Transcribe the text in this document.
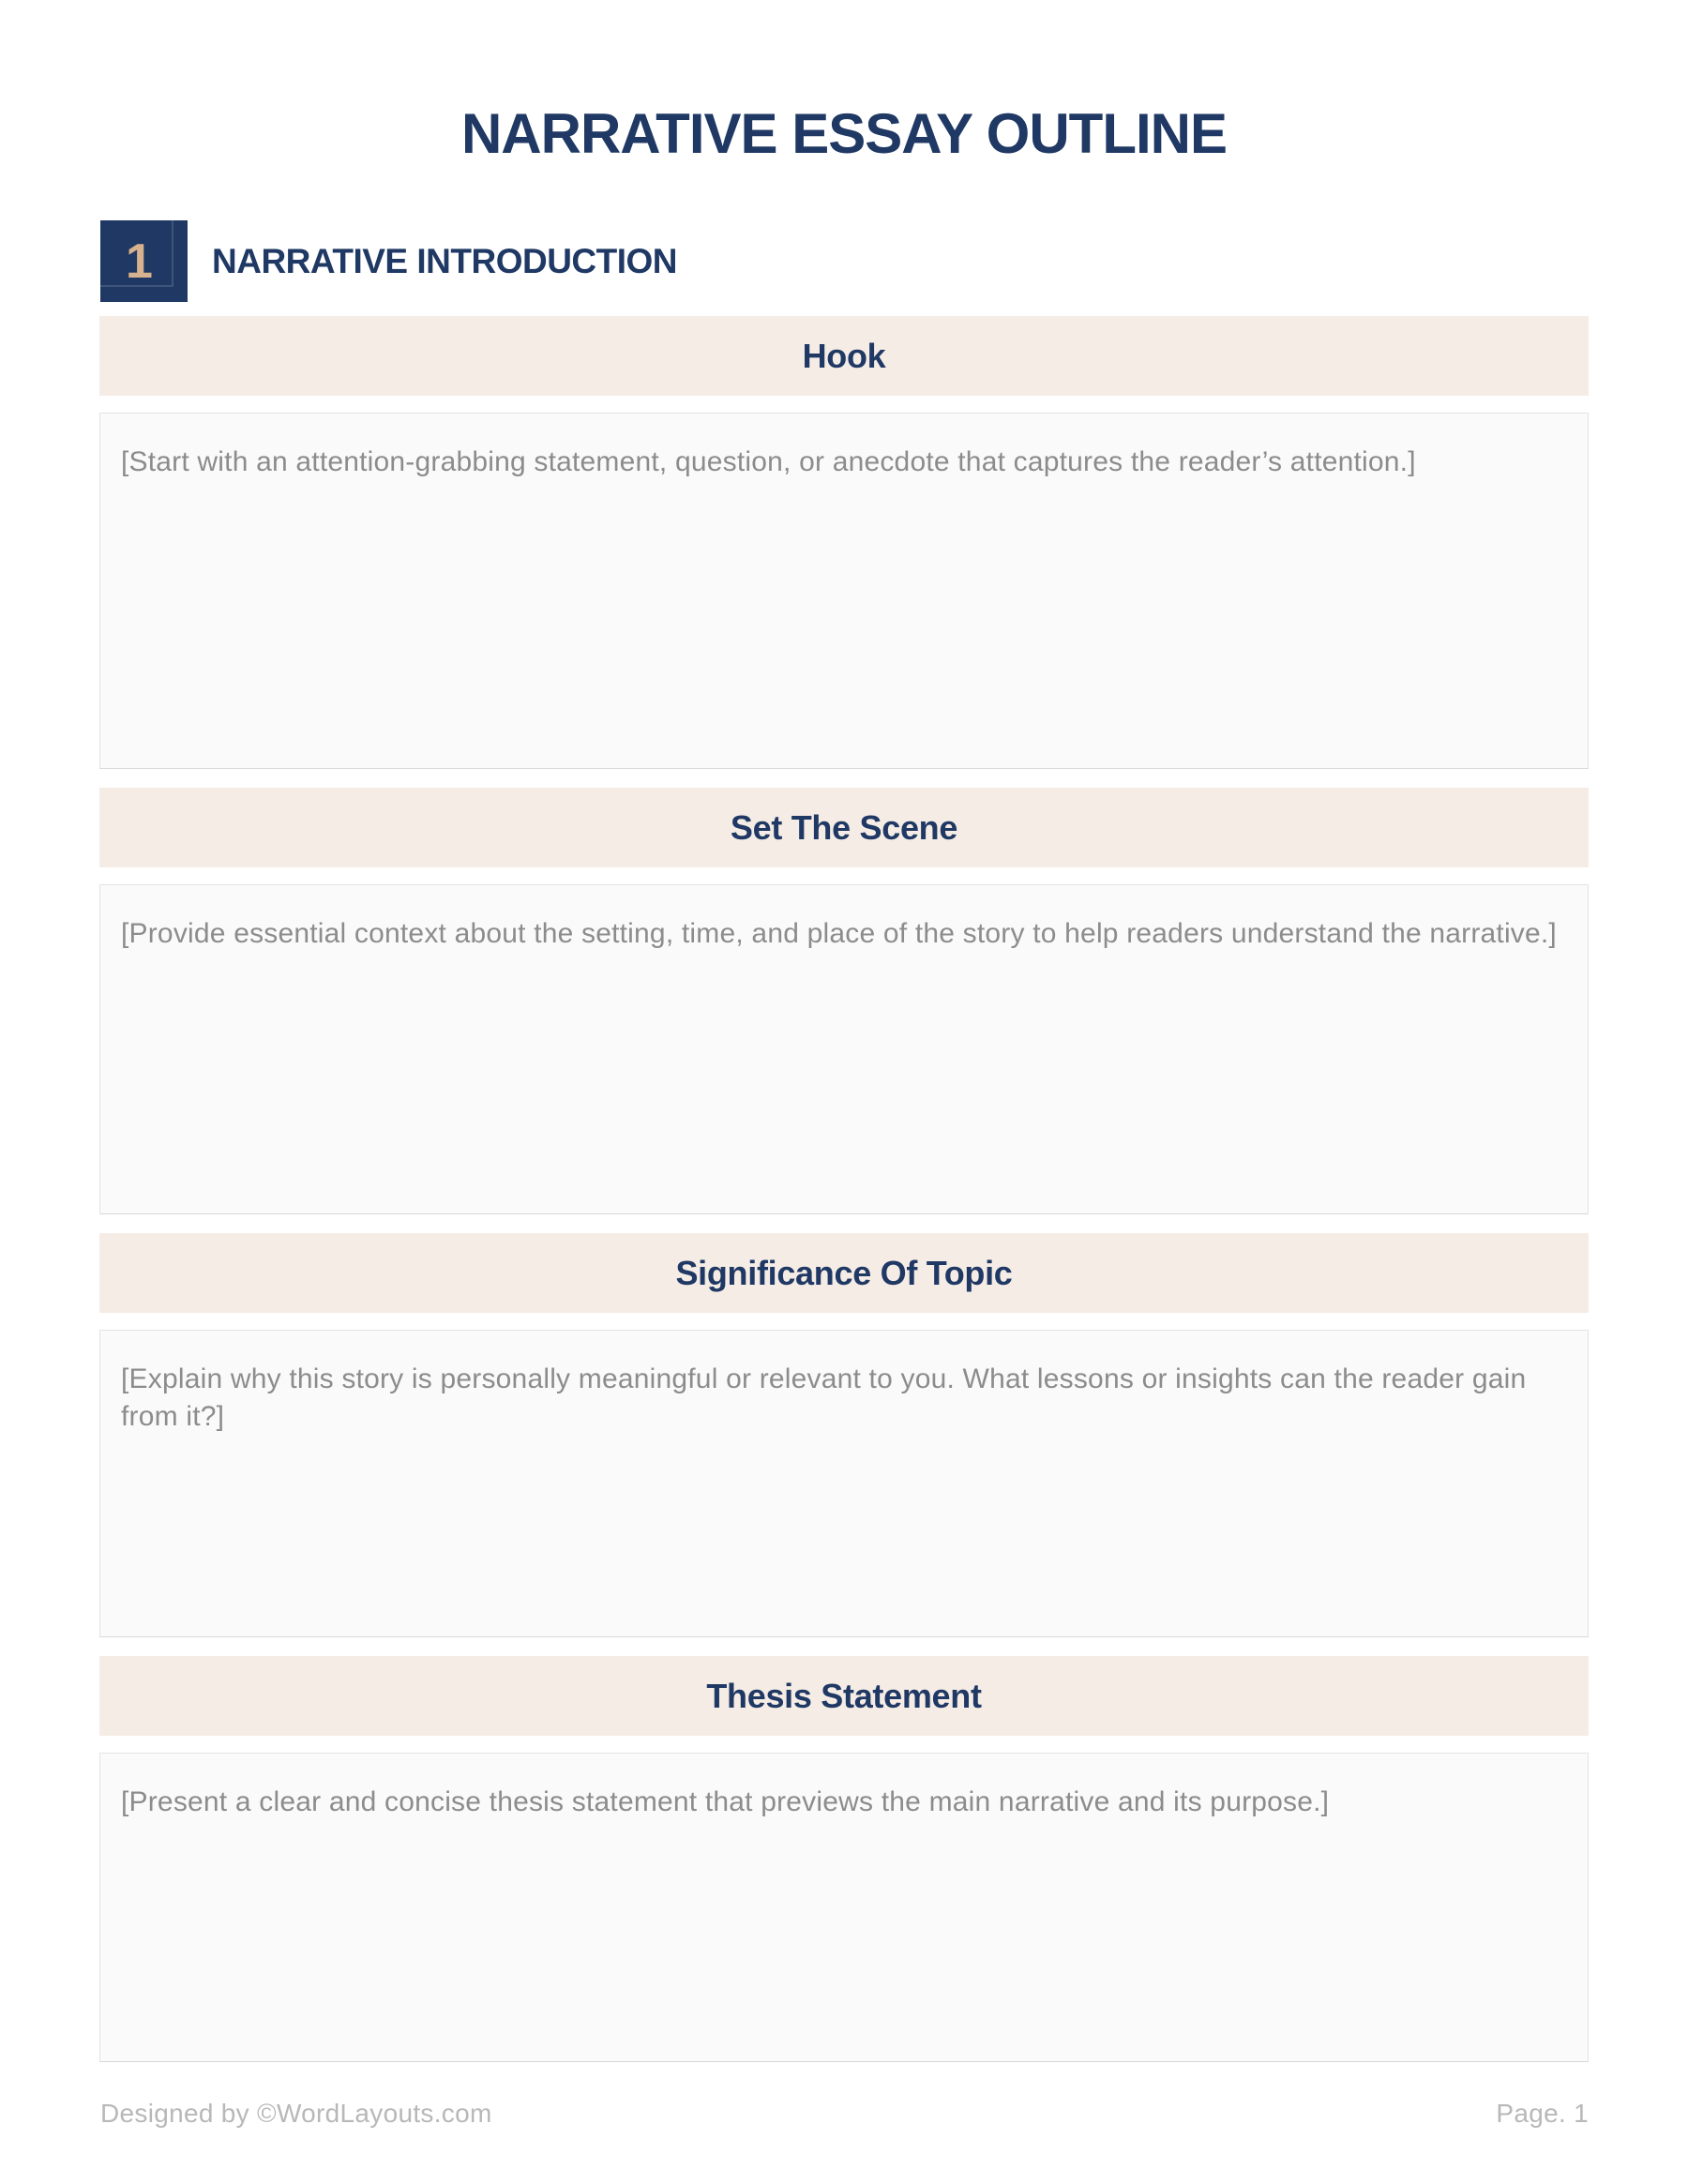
NARRATIVE ESSAY OUTLINE
1 NARRATIVE INTRODUCTION
Hook

[Start with an attention-grabbing statement, question, or anecdote that captures the reader’s attention.]

Set The Scene

[Provide essential context about the setting, time, and place of the story to help readers understand the narrative.]

Significance Of Topic

[Explain why this story is personally meaningful or relevant to you. What lessons or insights can the reader gain from it?]

Thesis Statement

[Present a clear and concise thesis statement that previews the main narrative and its purpose.]

Designed by ©WordLayouts.com	Page. 1
